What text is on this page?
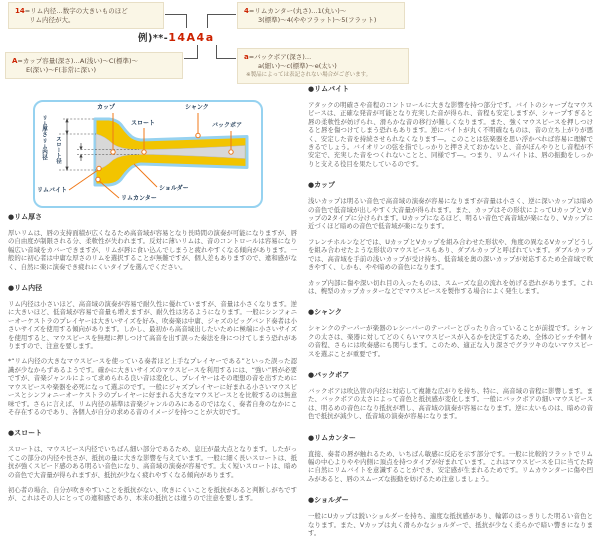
14=リム内径…数字の大きいものほど
リム内径が大。
4=リムカンター(丸さ)…1(丸い)〜
3(標準)〜4(ややフラット)〜5(フラット)
A=カップ容量(深さ)…A(浅い)〜C(標準)〜
E(深い)〜F(非常に深い)
a=バックボア(深さ)…
a(細い)〜c(標準)〜e(太い)
※製品によっては表記されない場合がございます。
例)**-14A4a
カップ
スロート
シャンク
バックボア
リムバイト	ショルダー
リムカンター
リム厚さ
リム内径 スロート径
●リム厚さ

厚いリムは、唇の支持面積が広くなるため高音域が容易となり長時間の演奏が可能になりますが、唇の自由度が制限される分、柔軟性が失われます。反対に薄いリムは、音のコントロールは容易になり幅広い音域をカバーできますが、リムが唇に食い込んでしまうと疲れやすくなる傾向があります。一般的に初心者は中庸な厚さのリムを選択することが無難ですが、個人差もありますので、違和感がなく、自然に楽に演奏でき疲れにくいタイプを選んでください。

●リム内径

リム内径は小さいほど、高音域の演奏が容易で耐久性に優れていますが、音量は小さくなります。逆に大きいほど、低音域が容易で音量も増えますが、耐久性は劣るようになります。一般にシンフォニーオーケストラのプレイヤーは大きいサイズを好み、吹奏楽は中庸、ジャズのビッグバンド奏者は小さいサイズを使用する傾向があります。しかし、最初から高音域出したいために極端に小さいサイズを使用すると、マウスピースを無理に押しつけて高音を出す誤った奏法を身につけてしまう恐れがありますので、注意を要します。

*“リム内径の大きなマウスピースを使っている奏者ほど上手なプレイヤーである”といった誤った認識が少なからずあるようです。確かに大きいサイズのマウスピースを利用するには、“強い”唇が必要ですが、音楽ジャンルによって求められる良い音は変化し、プレイヤーはその理想の音を出すためにマウスピースや楽器を必死になって選ぶのです。一般にジャズプレイヤーに好まれる小さいマウスピースとシンフォニーオーケストラのプレイヤーに好まれる大きなマウスピースとを比較するのは無意味です。さらに言えば、リム内径の基準は音楽ジャンルのみにあるのではなく、奏者自身のなかにこそ存在するのであり、各個人が自分の求める音のイメージを持つことが大切です。

●スロート

スロートは、マウスピース内径でいちばん細い部分であるため、息圧が最大点となります。したがってこの部分の内径や長さが、抵抗の量に大きな影響を与えています。一般に細く長いスロートは、抵抗が強くスピード感のある明るい音色になり、高音域の演奏が容易です。太く短いスロートは、暗めの音色で大音量が得られますが、抵抗が少なく疲れやすくなる傾向があります。

初心者の場合、自分が吹きやすいことを抵抗がない、吹きにくいことを抵抗があると判断しがちですが、これはその人にとっての違和感であり、本来の抵抗とは違うので注意を要します。

●リムバイト

アタックの明確さや音程のコントロールに大きな影響を持つ部分です。バイトのシャープなマウスピースは、正確な発音が可能となり充実した音が得られ、音程も安定しますが、シャープすぎると唇の柔軟性が妨げられ、滑らかな音の移行が難しくなります。また、強くマウスピースを押しつけると唇を傷つけてしまう恐れもあります。逆にバイトが丸く不明確なものは、音の立ち上がりが悪く、安定した音を持続させられなくなります―。このことは弦楽器を思い浮かべれば容易に理解できるでしょう。バイオリンの弦を指でしっかりと押さえておかないと、音がぼんやりとし音程が不安定で、充実した音をつくれないことと、同様です―。つまり、リムバイトは、唇の振動をしっかりと支える役目を果たしているのです。

●カップ

浅いカップは明るい音色で高音域の演奏が容易になりますが音量は小さく、逆に深いカップは暗めの音色で低音域が出しやすく大音量が得られます。また、カップはその形状によってUカップとVカップの2タイプに分けられます。Uカップになるほど、明るい音色で高音域が楽になり、Vカップに近づくほど暗めの音色で低音域が楽になります。

フレンチホルンなどでは、UカップとVカップを組み合わせた形状や、角度の異なるVカップどうしを組み合わせたような形状のマウスピースもあり、ダブルカップと呼ばれています。ダブルカップでは、高音域を手前の浅いカップが受け持ち、低音域を奥の深いカップが対応するため全音域で吹きやすく、しかも、やや暗めの音色になります。

カップ内部に傷や深い切れ目の入ったものは、スムーズな息の流れを妨げる恐れがあります。これは、椀型のカップカッターなどでマウスピースを製作する場合によく発生します。

●シャンク

シャンクのテーパーが楽器のレシーバーのテーパーとぴったり合っていることが前提です。シャンクの太さは、楽器に対してどのくらいマウスピースが入るかを決定するため、全体のピッチや個々の音程、さらには吹奏感にも関与します。このため、適正な入り深さでグラツキのないマウスピースを選ぶことが重要です。

●バックボア

バックボアは吹込管の内径に対応して複雑な広がりを持ち、特に、高音域の音程に影響します。また、バックボアの太さによって音色と抵抗感が変化します。一般にバックボアの細いマウスピースは、明るめの音色になり抵抗が増し、高音域の演奏が容易になります。逆に太いものは、暗めの音色で抵抗が減少し、低音域の演奏が容易になります。

●リムカンター

直接、奏者の唇が触れるため、いちばん敏感に反応を示す部分です。一般に比較的フラットでリム幅の中心よりやや内側に頂点を持つタイプが好まれています。これはマウスピースを口に当てた時に自然にリムバイトを意識することができ、安定感が生まれるためです。リムカウンターに傷や凹みがあると、唇のスムーズな振動を妨げるため注意しましょう。

●ショルダー

一般にUカップは鋭いショルダーを持ち、適度な抵抗感があり、輪郭のはっきりした明るい音色となります。また、Vカップは丸く滑らかなショルダーで、抵抗が少なく柔らかで暗い響きになります。
